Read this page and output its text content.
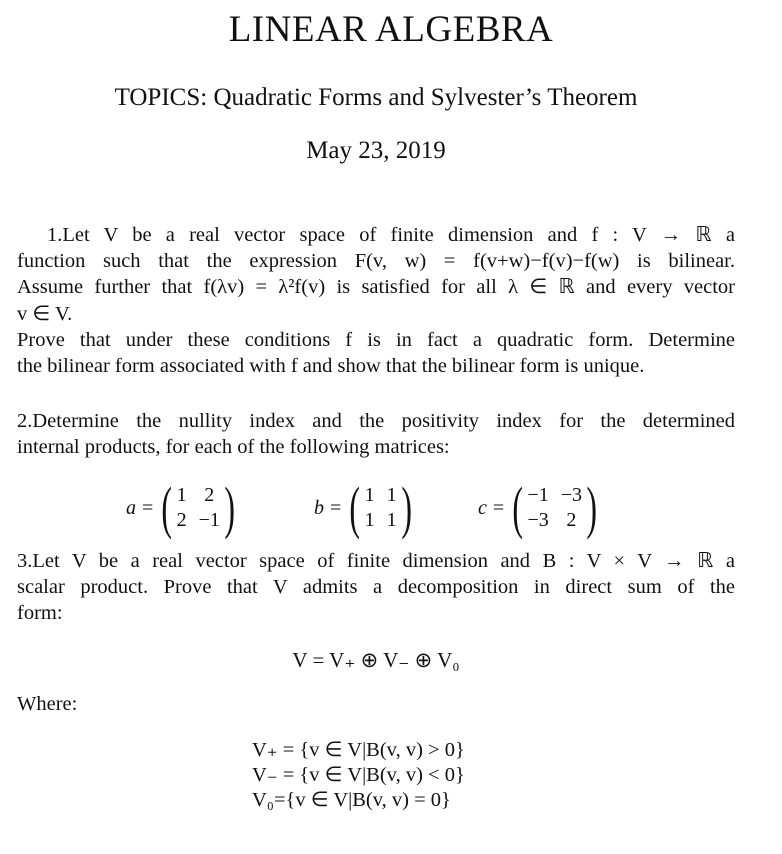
LINEAR ALGEBRA
TOPICS: Quadratic Forms and Sylvester’s Theorem
May 23, 2019
1.Let V be a real vector space of finite dimension and f : V → ℝ a
function such that the expression F(v, w) = f(v+w)−f(v)−f(w) is bilinear.
Assume further that f(λv) = λ²f(v) is satisfied for all λ ∈ ℝ and every vector
v ∈ V.
Prove that under these conditions f is in fact a quadratic form. Determine
the bilinear form associated with f and show that the bilinear form is unique.
2.Determine the nullity index and the positivity index for the determined
internal products, for each of the following matrices:
a = ( 1 2
2 −1 )	b = ( 1 1
1 1 )	c = ( −1 −3
−3 2 )
3.Let V be a real vector space of finite dimension and B : V × V → ℝ a
scalar product. Prove that V admits a decomposition in direct sum of the
form:
V = V₊ ⊕ V₋ ⊕ V₀
Where:
V₊ = {v ∈ V|B(v, v) > 0}
V₋ = {v ∈ V|B(v, v) < 0}
V₀={v ∈ V|B(v, v) = 0}
